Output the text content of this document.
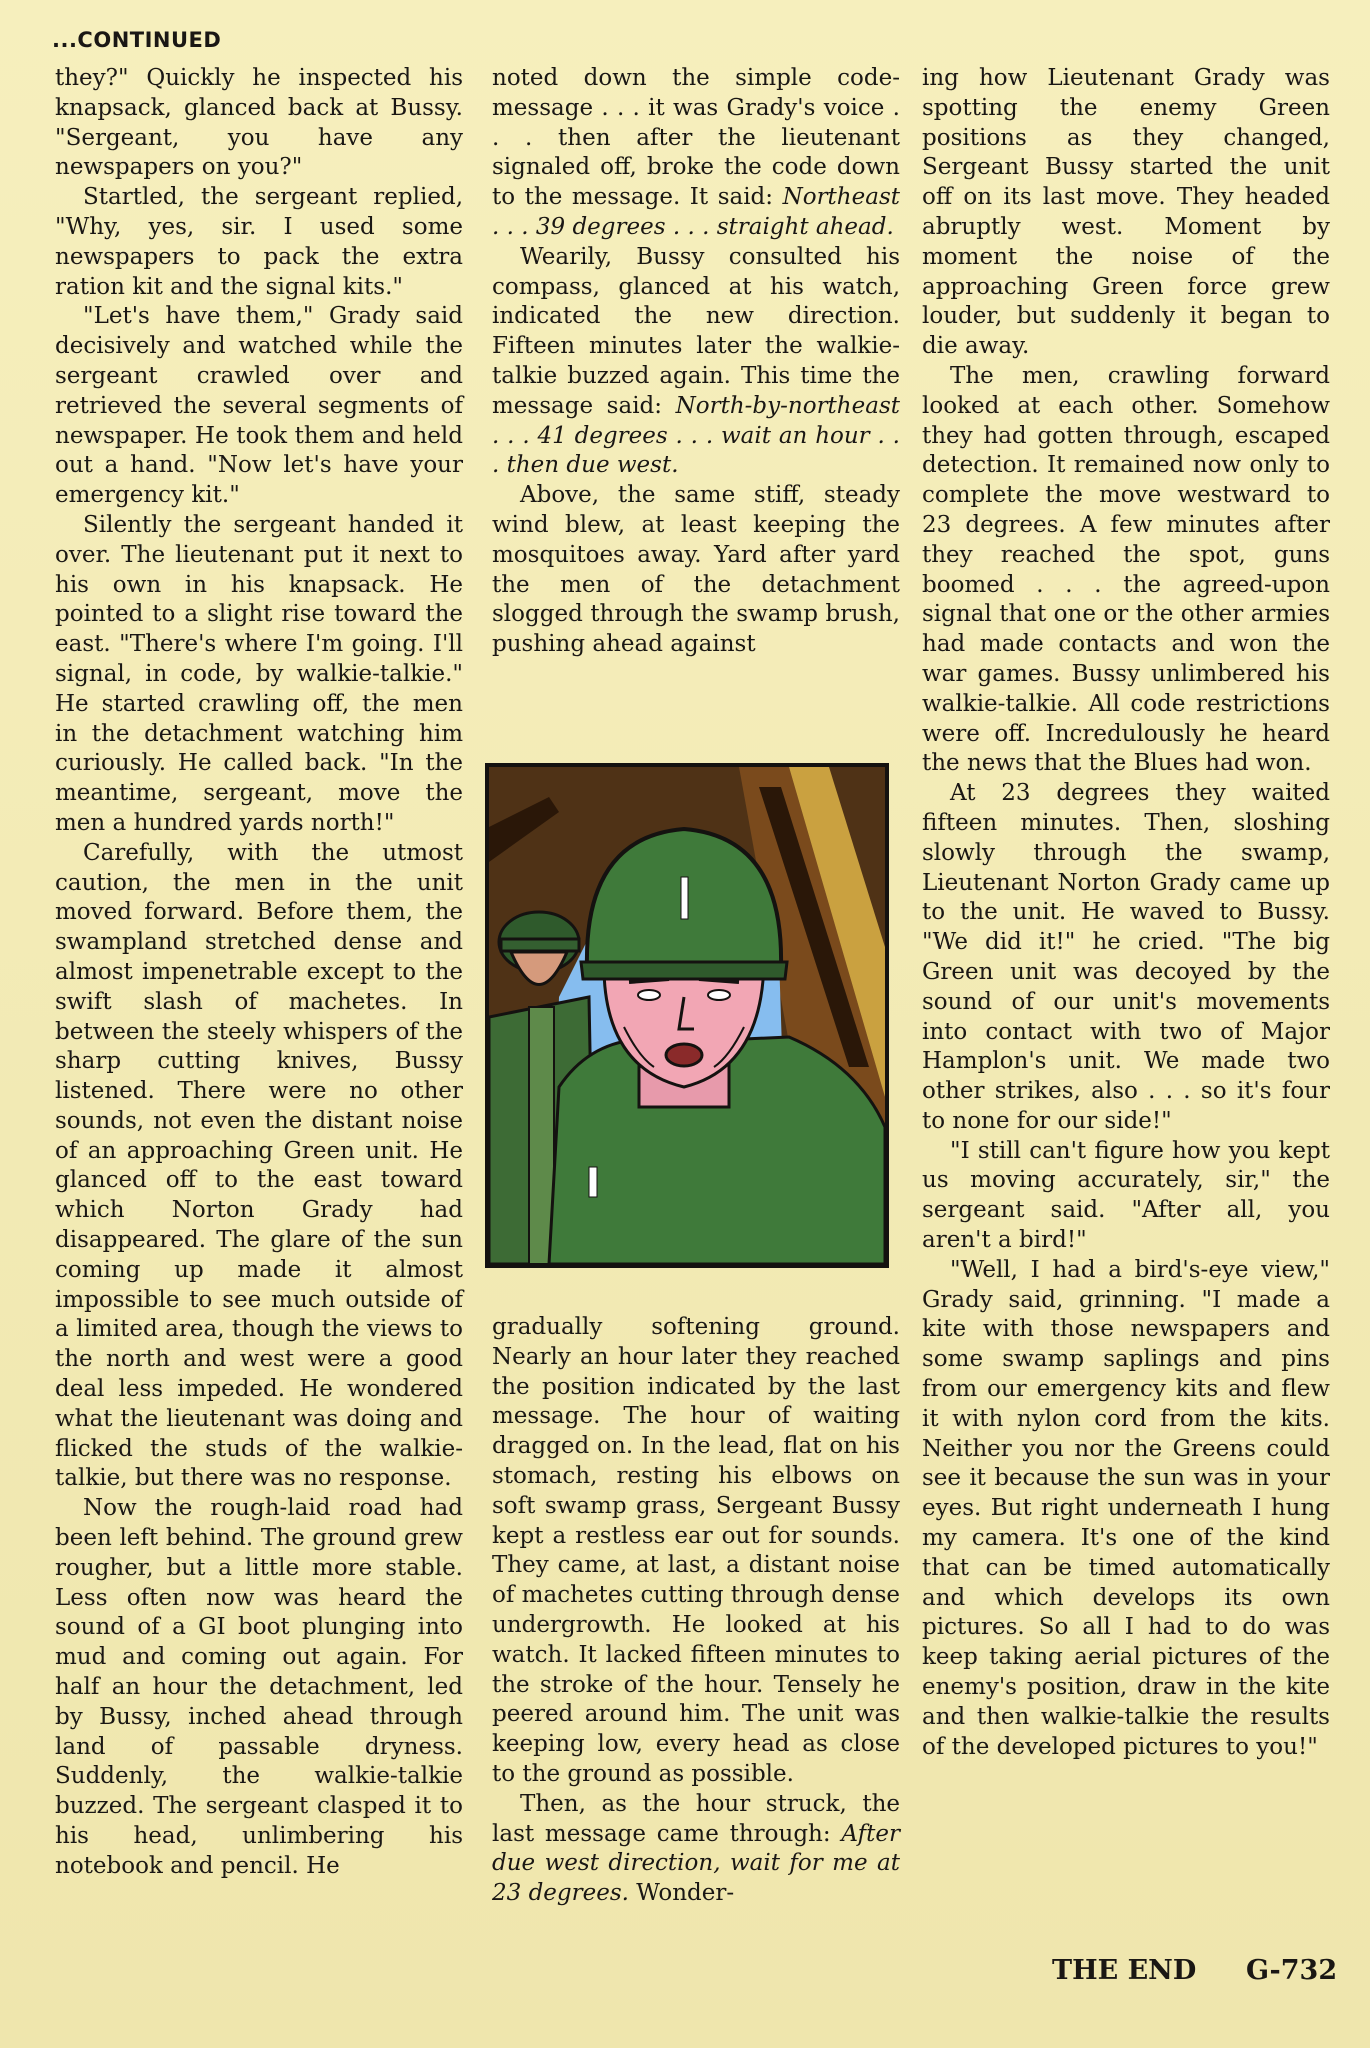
...CONTINUED

they?" Quickly he inspected his knapsack, glanced back at Bussy. "Sergeant, you have any newspapers on you?"

Startled, the sergeant replied, "Why, yes, sir. I used some newspapers to pack the extra ration kit and the signal kits."

"Let's have them," Grady said decisively and watched while the sergeant crawled over and retrieved the several segments of newspaper. He took them and held out a hand. "Now let's have your emergency kit."

Silently the sergeant handed it over. The lieutenant put it next to his own in his knapsack. He pointed to a slight rise toward the east. "There's where I'm going. I'll signal, in code, by walkie-talkie." He started crawling off, the men in the detachment watching him curiously. He called back. "In the meantime, sergeant, move the men a hundred yards north!"

Carefully, with the utmost caution, the men in the unit moved forward. Before them, the swampland stretched dense and almost impenetrable except to the swift slash of machetes. In between the steely whispers of the sharp cutting knives, Bussy listened. There were no other sounds, not even the distant noise of an approaching Green unit. He glanced off to the east toward which Norton Grady had disappeared. The glare of the sun coming up made it almost impossible to see much outside of a limited area, though the views to the north and west were a good deal less impeded. He wondered what the lieutenant was doing and flicked the studs of the walkie-talkie, but there was no response.

Now the rough-laid road had been left behind. The ground grew rougher, but a little more stable. Less often now was heard the sound of a GI boot plunging into mud and coming out again. For half an hour the detachment, led by Bussy, inched ahead through land of passable dryness. Suddenly, the walkie-talkie buzzed. The sergeant clasped it to his head, unlimbering his notebook and pencil. He

noted down the simple code-message . . . it was Grady's voice . . . then after the lieutenant signaled off, broke the code down to the message. It said: Northeast . . . 39 degrees . . . straight ahead.

Wearily, Bussy consulted his compass, glanced at his watch, indicated the new direction. Fifteen minutes later the walkie-talkie buzzed again. This time the message said: North-by-northeast . . . 41 degrees . . . wait an hour . . . then due west.

Above, the same stiff, steady wind blew, at least keeping the mosquitoes away. Yard after yard the men of the detachment slogged through the swamp brush, pushing ahead against

gradually softening ground. Nearly an hour later they reached the position indicated by the last message. The hour of waiting dragged on. In the lead, flat on his stomach, resting his elbows on soft swamp grass, Sergeant Bussy kept a restless ear out for sounds. They came, at last, a distant noise of machetes cutting through dense undergrowth. He looked at his watch. It lacked fifteen minutes to the stroke of the hour. Tensely he peered around him. The unit was keeping low, every head as close to the ground as possible.

Then, as the hour struck, the last message came through: After due west direction, wait for me at 23 degrees. Wonder-

ing how Lieutenant Grady was spotting the enemy Green positions as they changed, Sergeant Bussy started the unit off on its last move. They headed abruptly west. Moment by moment the noise of the approaching Green force grew louder, but suddenly it began to die away.

The men, crawling forward looked at each other. Somehow they had gotten through, escaped detection. It remained now only to complete the move westward to 23 degrees. A few minutes after they reached the spot, guns boomed . . . the agreed-upon signal that one or the other armies had made contacts and won the war games. Bussy unlimbered his walkie-talkie. All code restrictions were off. Incredulously he heard the news that the Blues had won.

At 23 degrees they waited fifteen minutes. Then, sloshing slowly through the swamp, Lieutenant Norton Grady came up to the unit. He waved to Bussy. "We did it!" he cried. "The big Green unit was decoyed by the sound of our unit's movements into contact with two of Major Hamplon's unit. We made two other strikes, also . . . so it's four to none for our side!"

"I still can't figure how you kept us moving accurately, sir," the sergeant said. "After all, you aren't a bird!"

"Well, I had a bird's-eye view," Grady said, grinning. "I made a kite with those newspapers and some swamp saplings and pins from our emergency kits and flew it with nylon cord from the kits. Neither you nor the Greens could see it because the sun was in your eyes. But right underneath I hung my camera. It's one of the kind that can be timed automatically and which develops its own pictures. So all I had to do was keep taking aerial pictures of the enemy's position, draw in the kite and then walkie-talkie the results of the developed pictures to you!"

THE END G-732
